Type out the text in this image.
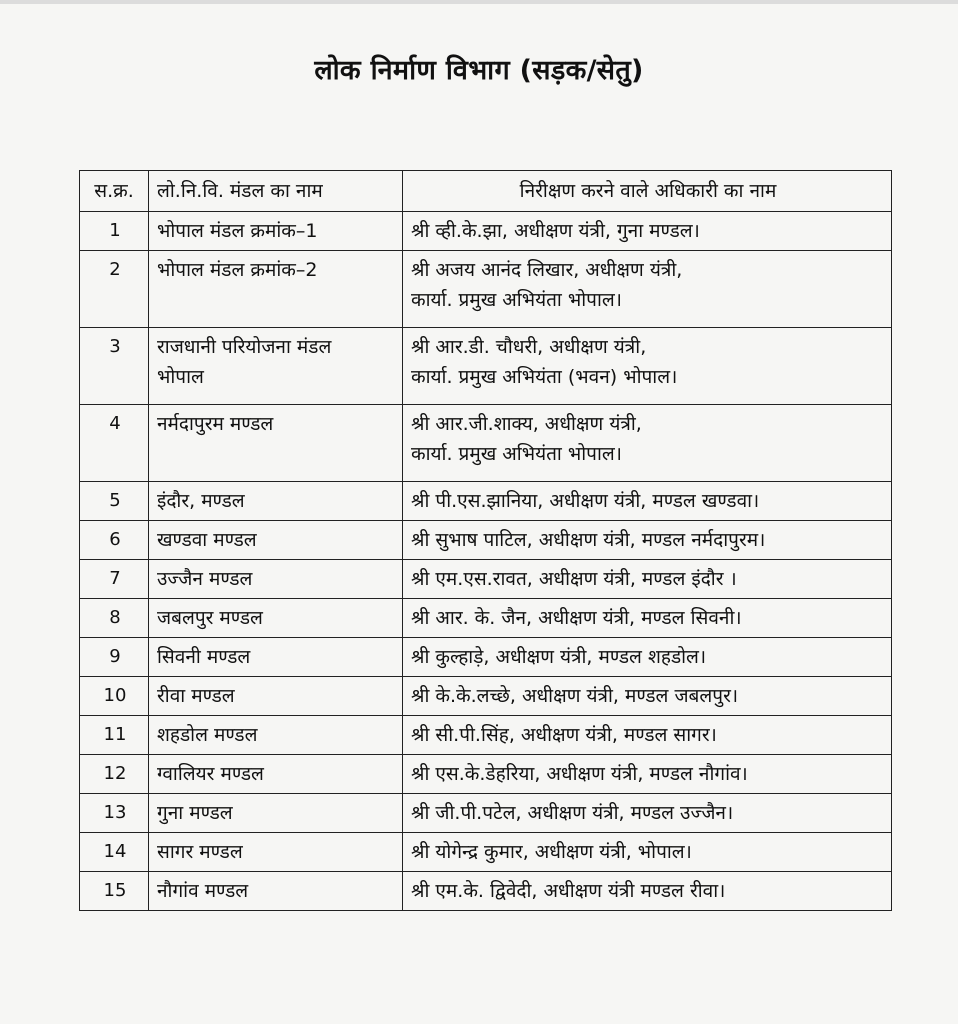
लोक निर्माण विभाग (सड़क/सेतु)
स.क्र.	लो.नि.वि. मंडल का नाम	निरीक्षण करने वाले अधिकारी का नाम
1	भोपाल मंडल क्रमांक–1	श्री व्ही.के.झा, अधीक्षण यंत्री, गुना मण्डल।

2	भोपाल मंडल क्रमांक–2	श्री अजय आनंद लिखार, अधीक्षण यंत्री,
कार्या. प्रमुख अभियंता भोपाल।

3	राजधानी परियोजना मंडल
भोपाल	श्री आर.डी. चौधरी, अधीक्षण यंत्री,
कार्या. प्रमुख अभियंता (भवन) भोपाल।

4	नर्मदापुरम मण्डल	श्री आर.जी.शाक्य, अधीक्षण यंत्री,
कार्या. प्रमुख अभियंता भोपाल।

5	इंदौर, मण्डल	श्री पी.एस.झानिया, अधीक्षण यंत्री, मण्डल खण्डवा।

6	खण्डवा मण्डल	श्री सुभाष पाटिल, अधीक्षण यंत्री, मण्डल नर्मदापुरम।

7	उज्जैन मण्डल	श्री एम.एस.रावत, अधीक्षण यंत्री, मण्डल इंदौर ।

8	जबलपुर मण्डल	श्री आर. के. जैन, अधीक्षण यंत्री, मण्डल सिवनी।

9	सिवनी मण्डल	श्री कुल्हाड़े, अधीक्षण यंत्री, मण्डल शहडोल।

10	रीवा मण्डल	श्री के.के.लच्छे, अधीक्षण यंत्री, मण्डल जबलपुर।

11	शहडोल मण्डल	श्री सी.पी.सिंह, अधीक्षण यंत्री, मण्डल सागर।

12	ग्वालियर मण्डल	श्री एस.के.डेहरिया, अधीक्षण यंत्री, मण्डल नौगांव।

13	गुना मण्डल	श्री जी.पी.पटेल, अधीक्षण यंत्री, मण्डल उज्जैन।

14	सागर मण्डल	श्री योगेन्द्र कुमार, अधीक्षण यंत्री, भोपाल।

15	नौगांव मण्डल	श्री एम.के. द्विवेदी, अधीक्षण यंत्री मण्डल रीवा।
